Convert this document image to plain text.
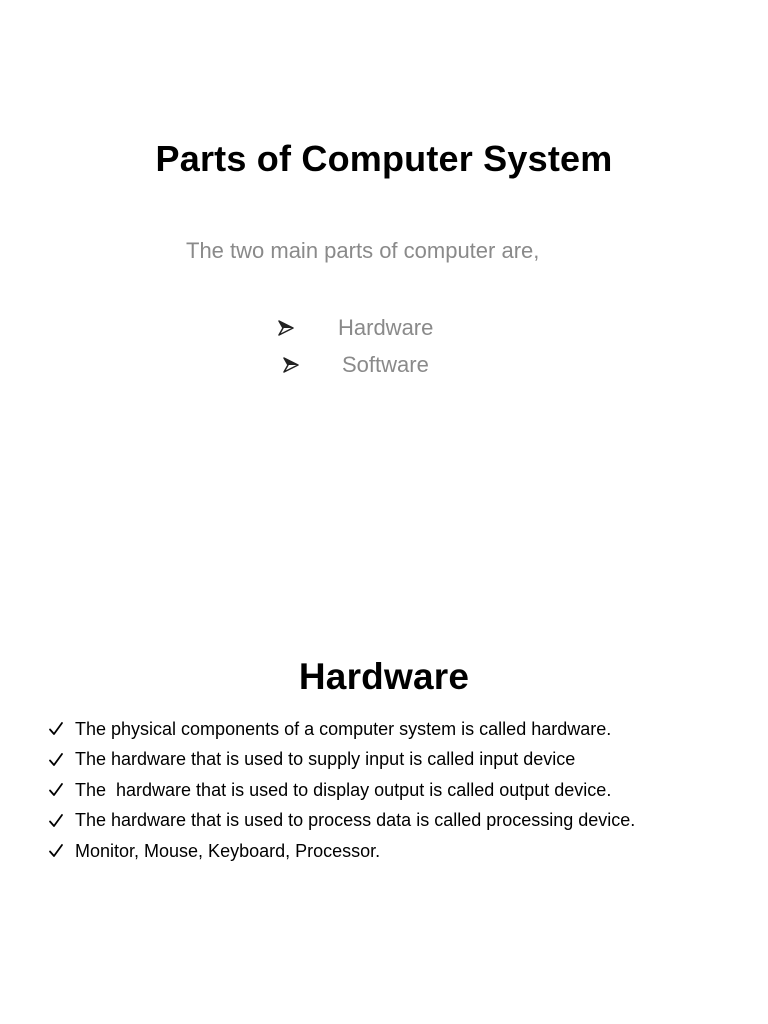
Parts of Computer System
The two main parts of computer are,
Hardware
Software
Hardware
The physical components of a computer system is called hardware.
The hardware that is used to supply input is called input device
The  hardware that is used to display output is called output device.
The hardware that is used to process data is called processing device.
Monitor, Mouse, Keyboard, Processor.
